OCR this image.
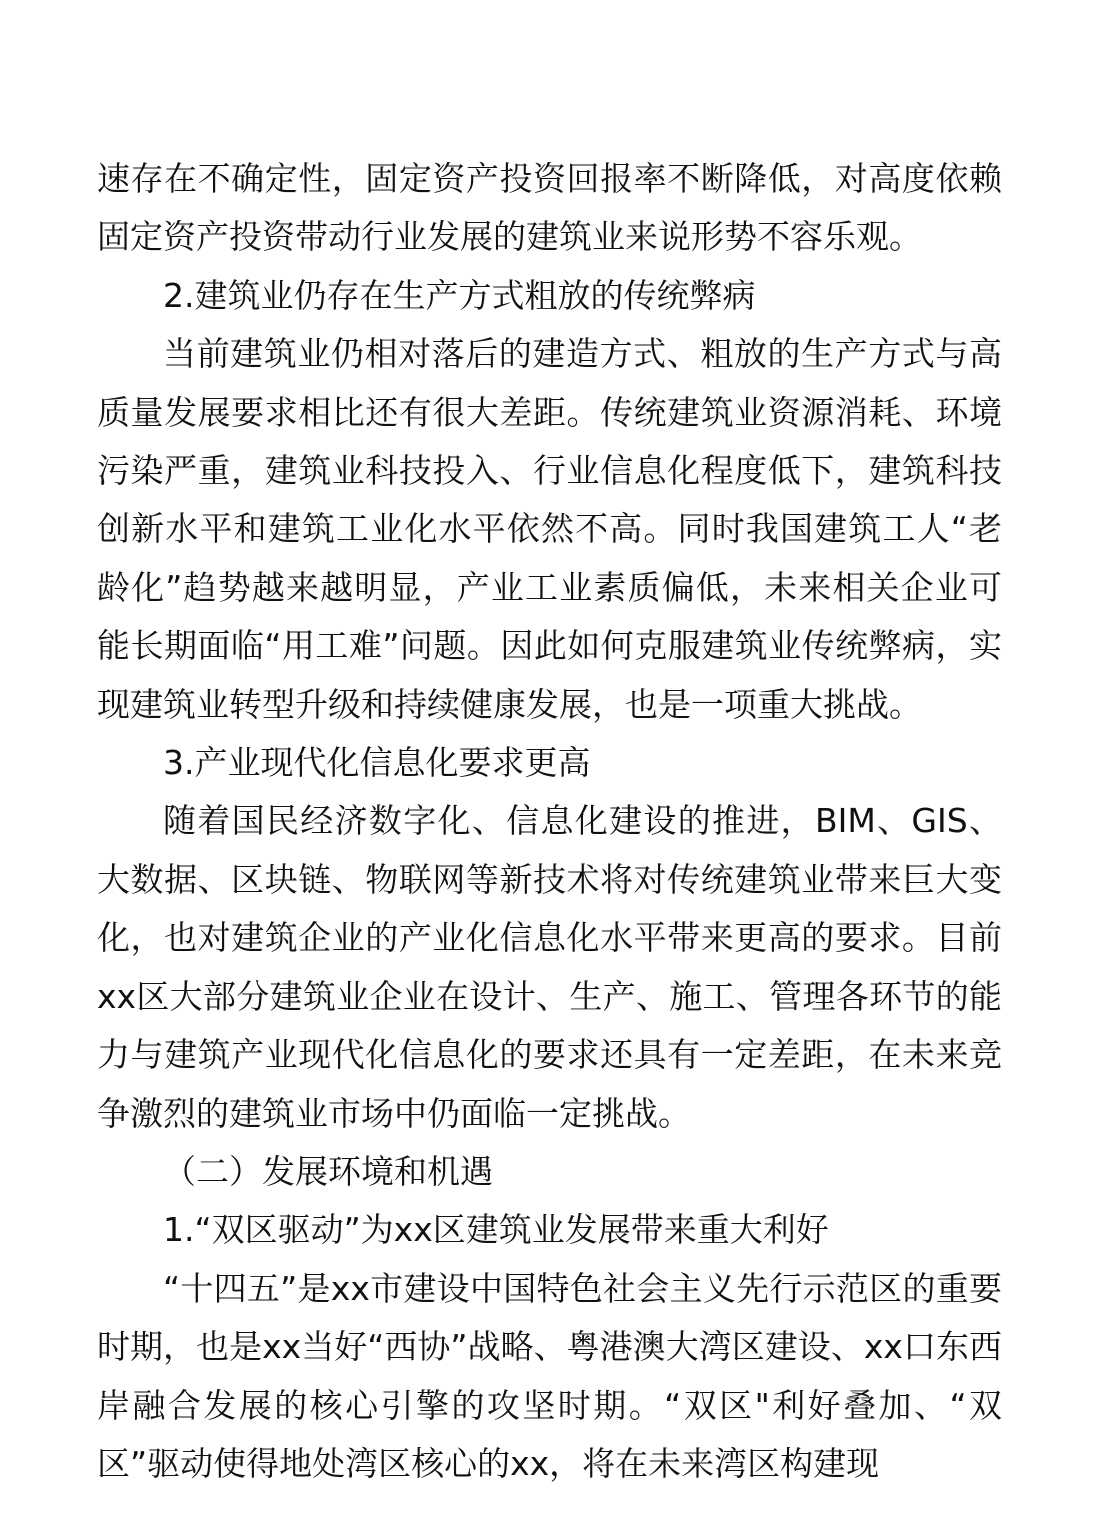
速存在不确定性，固定资产投资回报率不断降低，对高度依赖固定资产投资带动行业发展的建筑业来说形势不容乐观。

2.建筑业仍存在生产方式粗放的传统弊病

当前建筑业仍相对落后的建造方式、粗放的生产方式与高质量发展要求相比还有很大差距。传统建筑业资源消耗、环境污染严重，建筑业科技投入、行业信息化程度低下，建筑科技创新水平和建筑工业化水平依然不高。同时我国建筑工人“老龄化”趋势越来越明显，产业工业素质偏低，未来相关企业可能长期面临“用工难”问题。因此如何克服建筑业传统弊病，实现建筑业转型升级和持续健康发展，也是一项重大挑战。

3.产业现代化信息化要求更高

随着国民经济数字化、信息化建设的推进，BIM、GIS、大数据、区块链、物联网等新技术将对传统建筑业带来巨大变化，也对建筑企业的产业化信息化水平带来更高的要求。目前xx区大部分建筑业企业在设计、生产、施工、管理各环节的能力与建筑产业现代化信息化的要求还具有一定差距，在未来竞争激烈的建筑业市场中仍面临一定挑战。

（二）发展环境和机遇

1.“双区驱动”为xx区建筑业发展带来重大利好

“十四五”是xx市建设中国特色社会主义先行示范区的重要时期，也是xx当好“西协”战略、粤港澳大湾区建设、xx口东西岸融合发展的核心引擎的攻坚时期。“双区"利好叠加、“双区”驱动使得地处湾区核心的xx，将在未来湾区构建现
